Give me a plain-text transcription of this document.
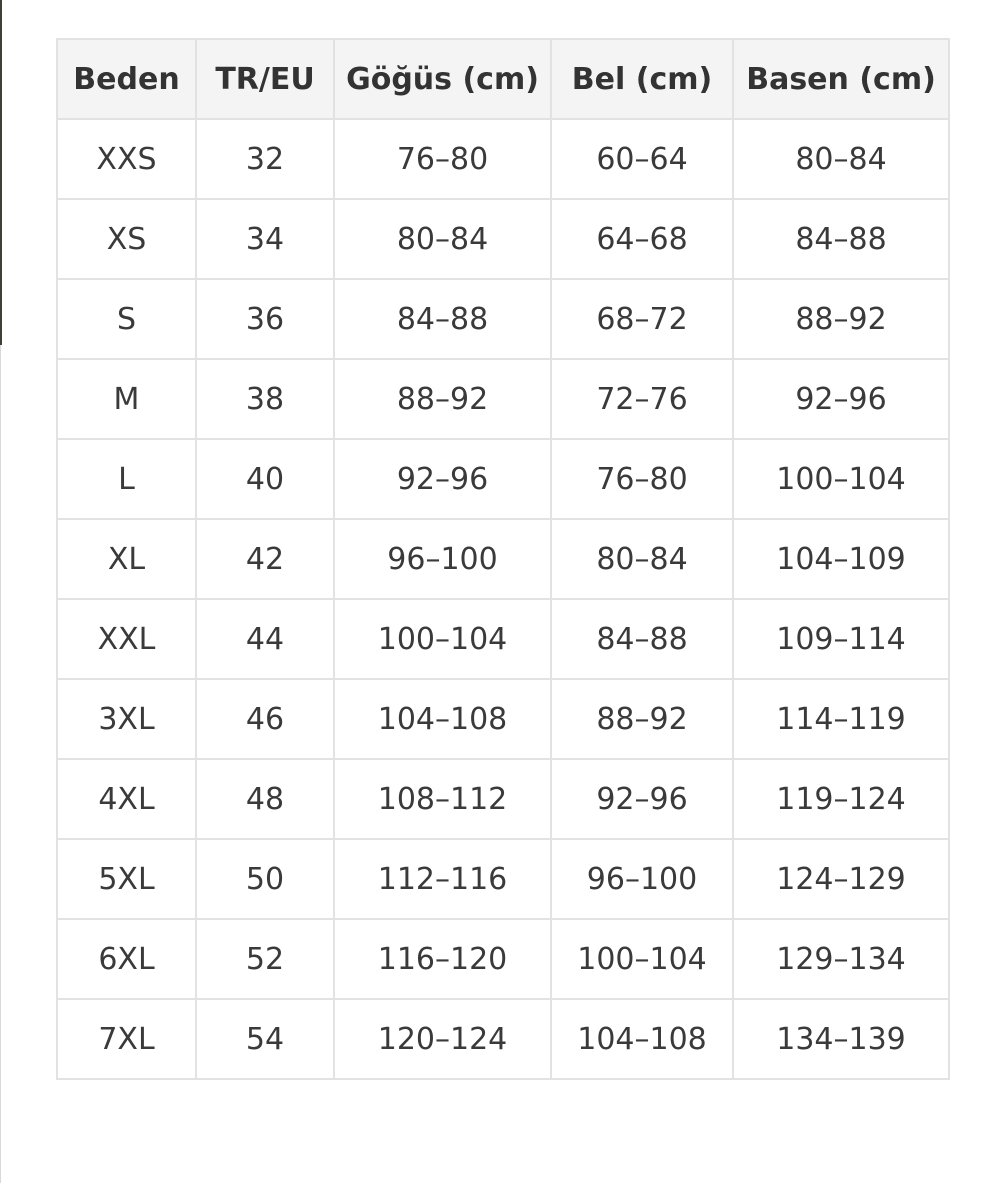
Beden	TR/EU	Göğüs (cm)	Bel (cm)	Basen (cm)
XXS	32	76–80	60–64	80–84
XS	34	80–84	64–68	84–88
S	36	84–88	68–72	88–92
M	38	88–92	72–76	92–96
L	40	92–96	76–80	100–104
XL	42	96–100	80–84	104–109
XXL	44	100–104	84–88	109–114
3XL	46	104–108	88–92	114–119
4XL	48	108–112	92–96	119–124
5XL	50	112–116	96–100	124–129
6XL	52	116–120	100–104	129–134
7XL	54	120–124	104–108	134–139
